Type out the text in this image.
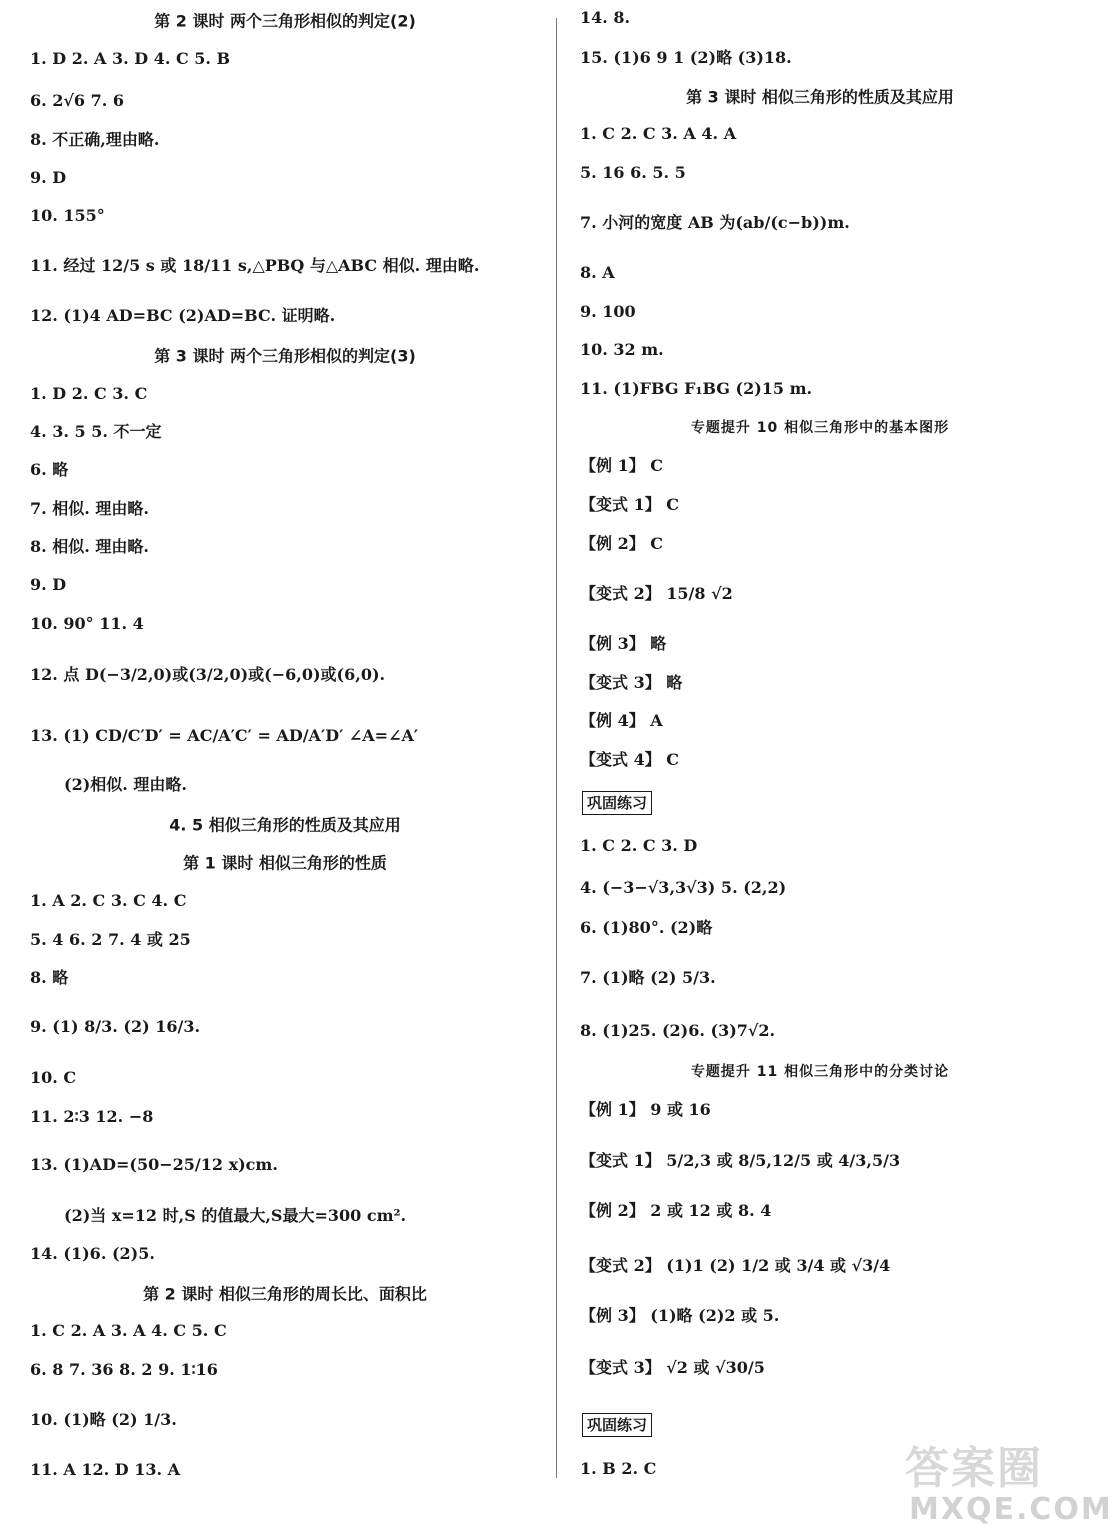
第 2 课时 两个三角形相似的判定(2)
1. D 2. A 3. D 4. C 5. B
6. 2√6 7. 6
8. 不正确,理由略.
9. D
10. 155°
11. 经过 12/5 s 或 18/11 s,△PBQ 与△ABC 相似. 理由略.
12. (1)4 AD=BC (2)AD=BC. 证明略.
第 3 课时 两个三角形相似的判定(3)
1. D 2. C 3. C
4. 3. 5 5. 不一定
6. 略
7. 相似. 理由略.
8. 相似. 理由略.
9. D
10. 90° 11. 4
12. 点 D(−3/2,0)或(3/2,0)或(−6,0)或(6,0).
13. (1) CD/C′D′ = AC/A′C′ = AD/A′D′ ∠A=∠A′
(2)相似. 理由略.
4. 5 相似三角形的性质及其应用
第 1 课时 相似三角形的性质
1. A 2. C 3. C 4. C
5. 4 6. 2 7. 4 或 25
8. 略
9. (1) 8/3. (2) 16/3.
10. C
11. 2∶3 12. −8
13. (1)AD=(50−25/12 x)cm.
(2)当 x=12 时,S 的值最大,S最大=300 cm².
14. (1)6. (2)5.
第 2 课时 相似三角形的周长比、面积比
1. C 2. A 3. A 4. C 5. C
6. 8 7. 36 8. 2 9. 1∶16
10. (1)略 (2) 1/3.
11. A 12. D 13. A
14. 8.
15. (1)6 9 1 (2)略 (3)18.
第 3 课时 相似三角形的性质及其应用
1. C 2. C 3. A 4. A
5. 16 6. 5. 5
7. 小河的宽度 AB 为(ab/(c−b))m.
8. A
9. 100
10. 32 m.
11. (1)FBG F₁BG (2)15 m.
专题提升 10 相似三角形中的基本图形
【例 1】 C
【变式 1】 C
【例 2】 C
【变式 2】 15/8 √2
【例 3】 略
【变式 3】 略
【例 4】 A
【变式 4】 C
巩固练习
1. C 2. C 3. D
4. (−3−√3,3√3) 5. (2,2)
6. (1)80°. (2)略
7. (1)略 (2) 5/3.
8. (1)25. (2)6. (3)7√2.
专题提升 11 相似三角形中的分类讨论
【例 1】 9 或 16
【变式 1】 5/2,3 或 8/5,12/5 或 4/3,5/3
【例 2】 2 或 12 或 8. 4
【变式 2】 (1)1 (2) 1/2 或 3/4 或 √3/4
【例 3】 (1)略 (2)2 或 5.
【变式 3】 √2 或 √30/5
巩固练习
1. B 2. C	答案圈
MXQE.COM
